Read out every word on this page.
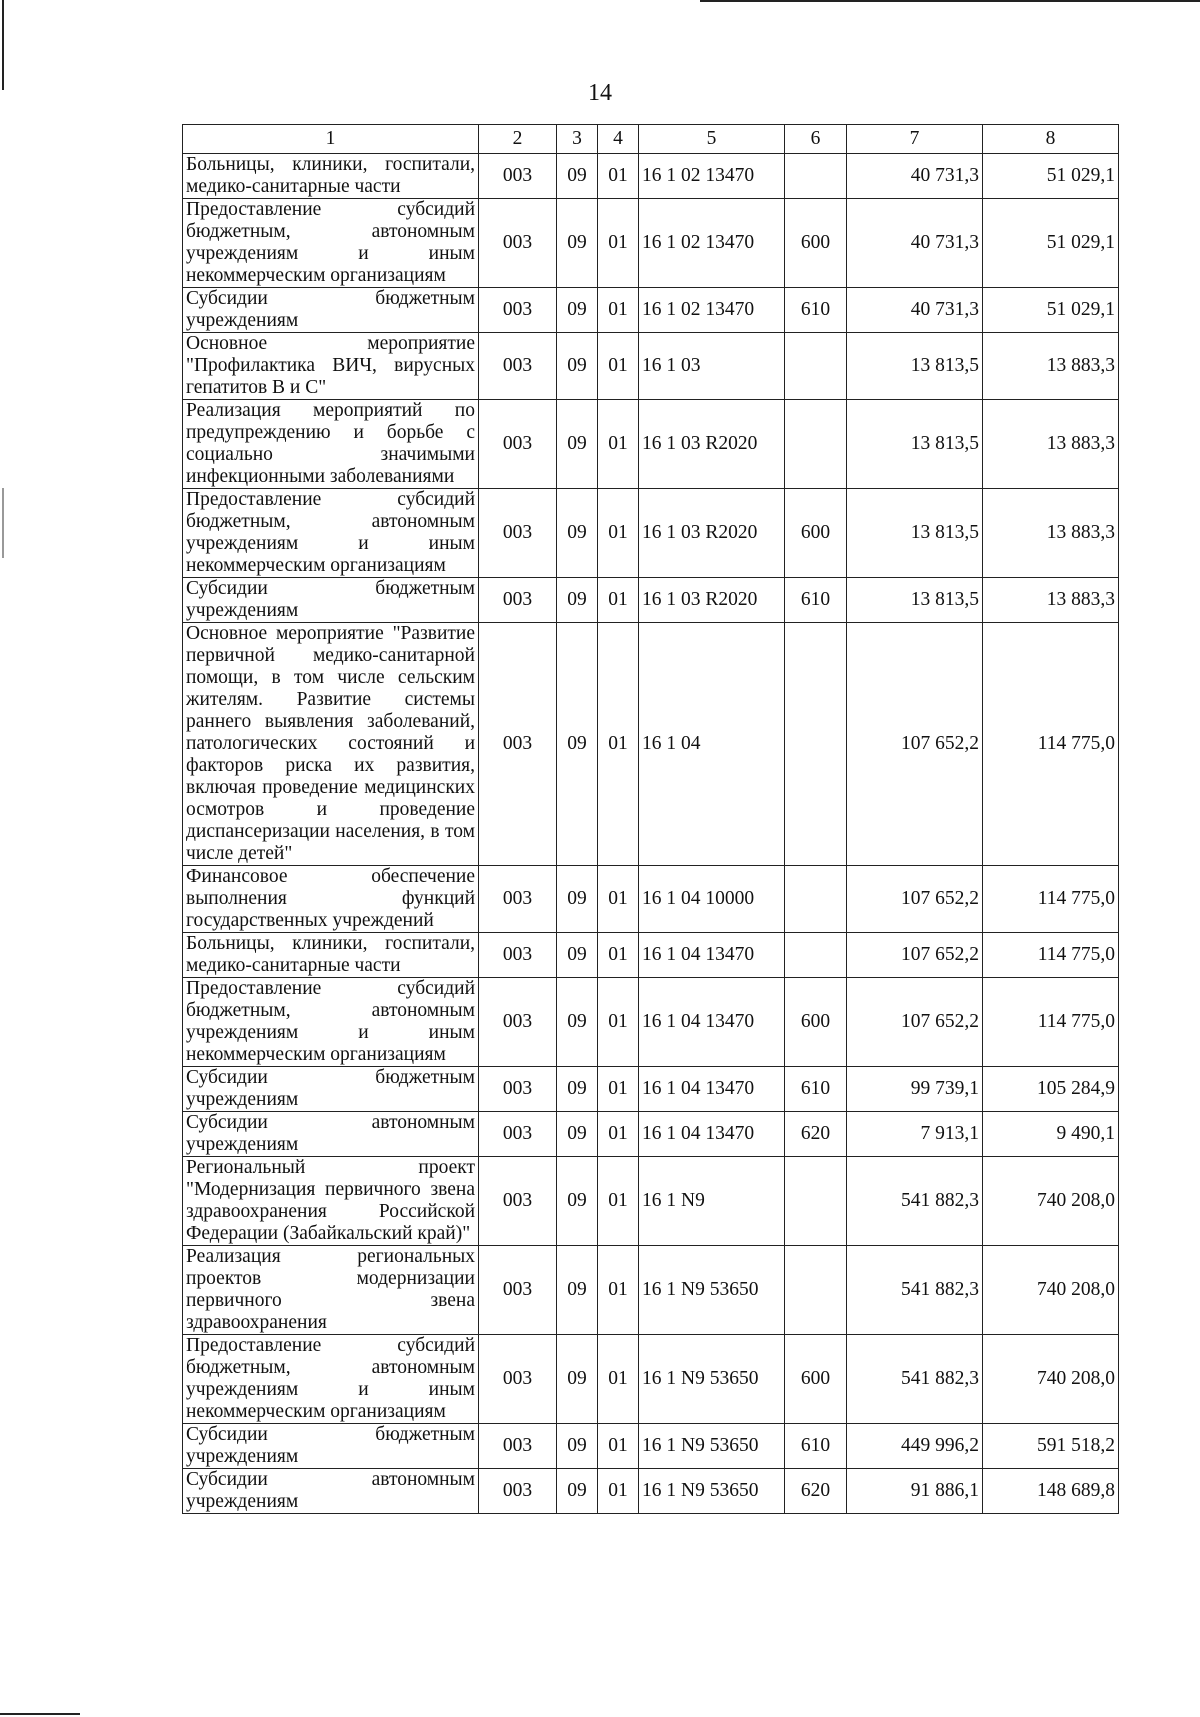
14
1	2	3	4	5	6	7	8
Больницы, клиники, госпитали, медико-санитарные части	003	09	01	16 1 02 13470		40 731,3	51 029,1
Предоставление субсидий бюджетным, автономным учреждениям и иным некоммерческим организациям	003	09	01	16 1 02 13470	600	40 731,3	51 029,1
Субсидии бюджетным учреждениям	003	09	01	16 1 02 13470	610	40 731,3	51 029,1
Основное мероприятие "Профилактика ВИЧ, вирусных гепатитов В и С"	003	09	01	16 1 03		13 813,5	13 883,3
Реализация мероприятий по предупреждению и борьбе с социально значимыми инфекционными заболеваниями	003	09	01	16 1 03 R2020		13 813,5	13 883,3
Предоставление субсидий бюджетным, автономным учреждениям и иным некоммерческим организациям	003	09	01	16 1 03 R2020	600	13 813,5	13 883,3
Субсидии бюджетным учреждениям	003	09	01	16 1 03 R2020	610	13 813,5	13 883,3
Основное мероприятие "Развитие первичной медико-санитарной помощи, в том числе сельским жителям. Развитие системы раннего выявления заболеваний, патологических состояний и факторов риска их развития, включая проведение медицинских осмотров и проведение диспансеризации населения, в том числе детей"	003	09	01	16 1 04		107 652,2	114 775,0
Финансовое обеспечение выполнения функций государственных учреждений	003	09	01	16 1 04 10000		107 652,2	114 775,0
Больницы, клиники, госпитали, медико-санитарные части	003	09	01	16 1 04 13470		107 652,2	114 775,0
Предоставление субсидий бюджетным, автономным учреждениям и иным некоммерческим организациям	003	09	01	16 1 04 13470	600	107 652,2	114 775,0
Субсидии бюджетным учреждениям	003	09	01	16 1 04 13470	610	99 739,1	105 284,9
Субсидии автономным учреждениям	003	09	01	16 1 04 13470	620	7 913,1	9 490,1
Региональный проект "Модернизация первичного звена здравоохранения Российской Федерации (Забайкальский край)"	003	09	01	16 1 N9		541 882,3	740 208,0
Реализация региональных проектов модернизации первичного звена здравоохранения	003	09	01	16 1 N9 53650		541 882,3	740 208,0
Предоставление субсидий бюджетным, автономным учреждениям и иным некоммерческим организациям	003	09	01	16 1 N9 53650	600	541 882,3	740 208,0
Субсидии бюджетным учреждениям	003	09	01	16 1 N9 53650	610	449 996,2	591 518,2
Субсидии автономным учреждениям	003	09	01	16 1 N9 53650	620	91 886,1	148 689,8
